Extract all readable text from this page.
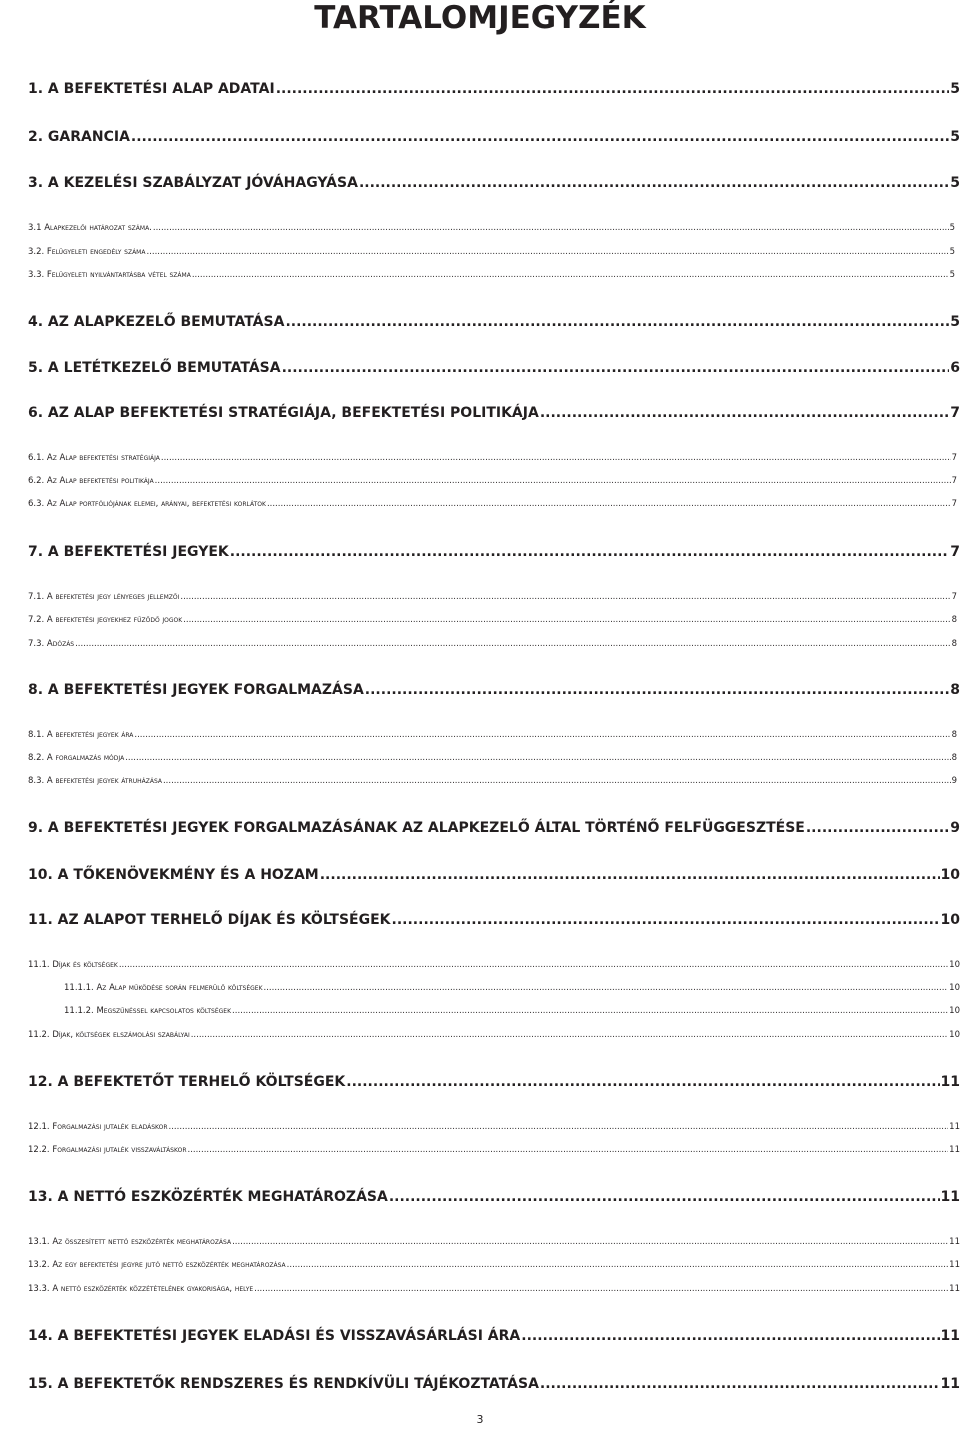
TARTALOMJEGYZÉK
1. A BEFEKTETÉSI ALAP ADATAI .....	5
2. GARANCIA .....	5
3. A KEZELÉSI SZABÁLYZAT JÓVÁHAGYÁSA .....	5
3.1 Alapkezelői határozat száma. .....	5
3.2. Felügyeleti engedély száma .....	5
3.3. Felügyeleti nyilvántartásba vétel száma .....	5
4. AZ ALAPKEZELŐ BEMUTATÁSA .....	5
5. A LETÉTKEZELŐ BEMUTATÁSA .....	6
6. AZ ALAP BEFEKTETÉSI STRATÉGIÁJA, BEFEKTETÉSI POLITIKÁJA .....	7
6.1. Az Alap befektetési stratégiája .....	7
6.2. Az Alap befektetési politikája .....	7
6.3. Az Alap portfóliójának elemei, arányai, befektetési korlátok .....	7
7. A BEFEKTETÉSI JEGYEK .....	7
7.1. A befektetési jegy lényeges jellemzői .....	7
7.2. A befektetési jegyekhez fűződő jogok .....	8
7.3. Adózás .....	8
8. A BEFEKTETÉSI JEGYEK FORGALMAZÁSA .....	8
8.1. A befektetési jegyek ára .....	8
8.2. A forgalmazás módja .....	8
8.3. A befektetési jegyek átruházása .....	9
9. A BEFEKTETÉSI JEGYEK FORGALMAZÁSÁNAK AZ ALAPKEZELŐ ÁLTAL TÖRTÉNŐ FELFÜGGESZTÉSE .....	9
10. A TŐKENÖVEKMÉNY ÉS A HOZAM .....	10
11. AZ ALAPOT TERHELŐ DÍJAK ÉS KÖLTSÉGEK .....	10
11.1. Díjak és költségek .....	10
11.1.1. Az Alap működése során felmerülő költségek .....	10
11.1.2. Megszűnéssel kapcsolatos költségek .....	10
11.2. Díjak, költségek elszámolási szabályai .....	10
12. A BEFEKTETŐT TERHELŐ KÖLTSÉGEK .....	11
12.1. Forgalmazási jutalék eladáskor .....	11
12.2. Forgalmazási jutalék visszaváltáskor .....	11
13. A NETTÓ ESZKÖZÉRTÉK MEGHATÁROZÁSA .....	11
13.1. Az összesített nettó eszközérték meghatározása .....	11
13.2. Az egy befektetési jegyre jutó nettó eszközérték meghatározása .....	11
13.3. A nettó eszközérték közzétételének gyakorisága, helye .....	11
14. A BEFEKTETÉSI JEGYEK ELADÁSI ÉS VISSZAVÁSÁRLÁSI ÁRA .....	11
15. A BEFEKTETŐK RENDSZERES ÉS RENDKÍVÜLI TÁJÉKOZTATÁSA .....	11
3
